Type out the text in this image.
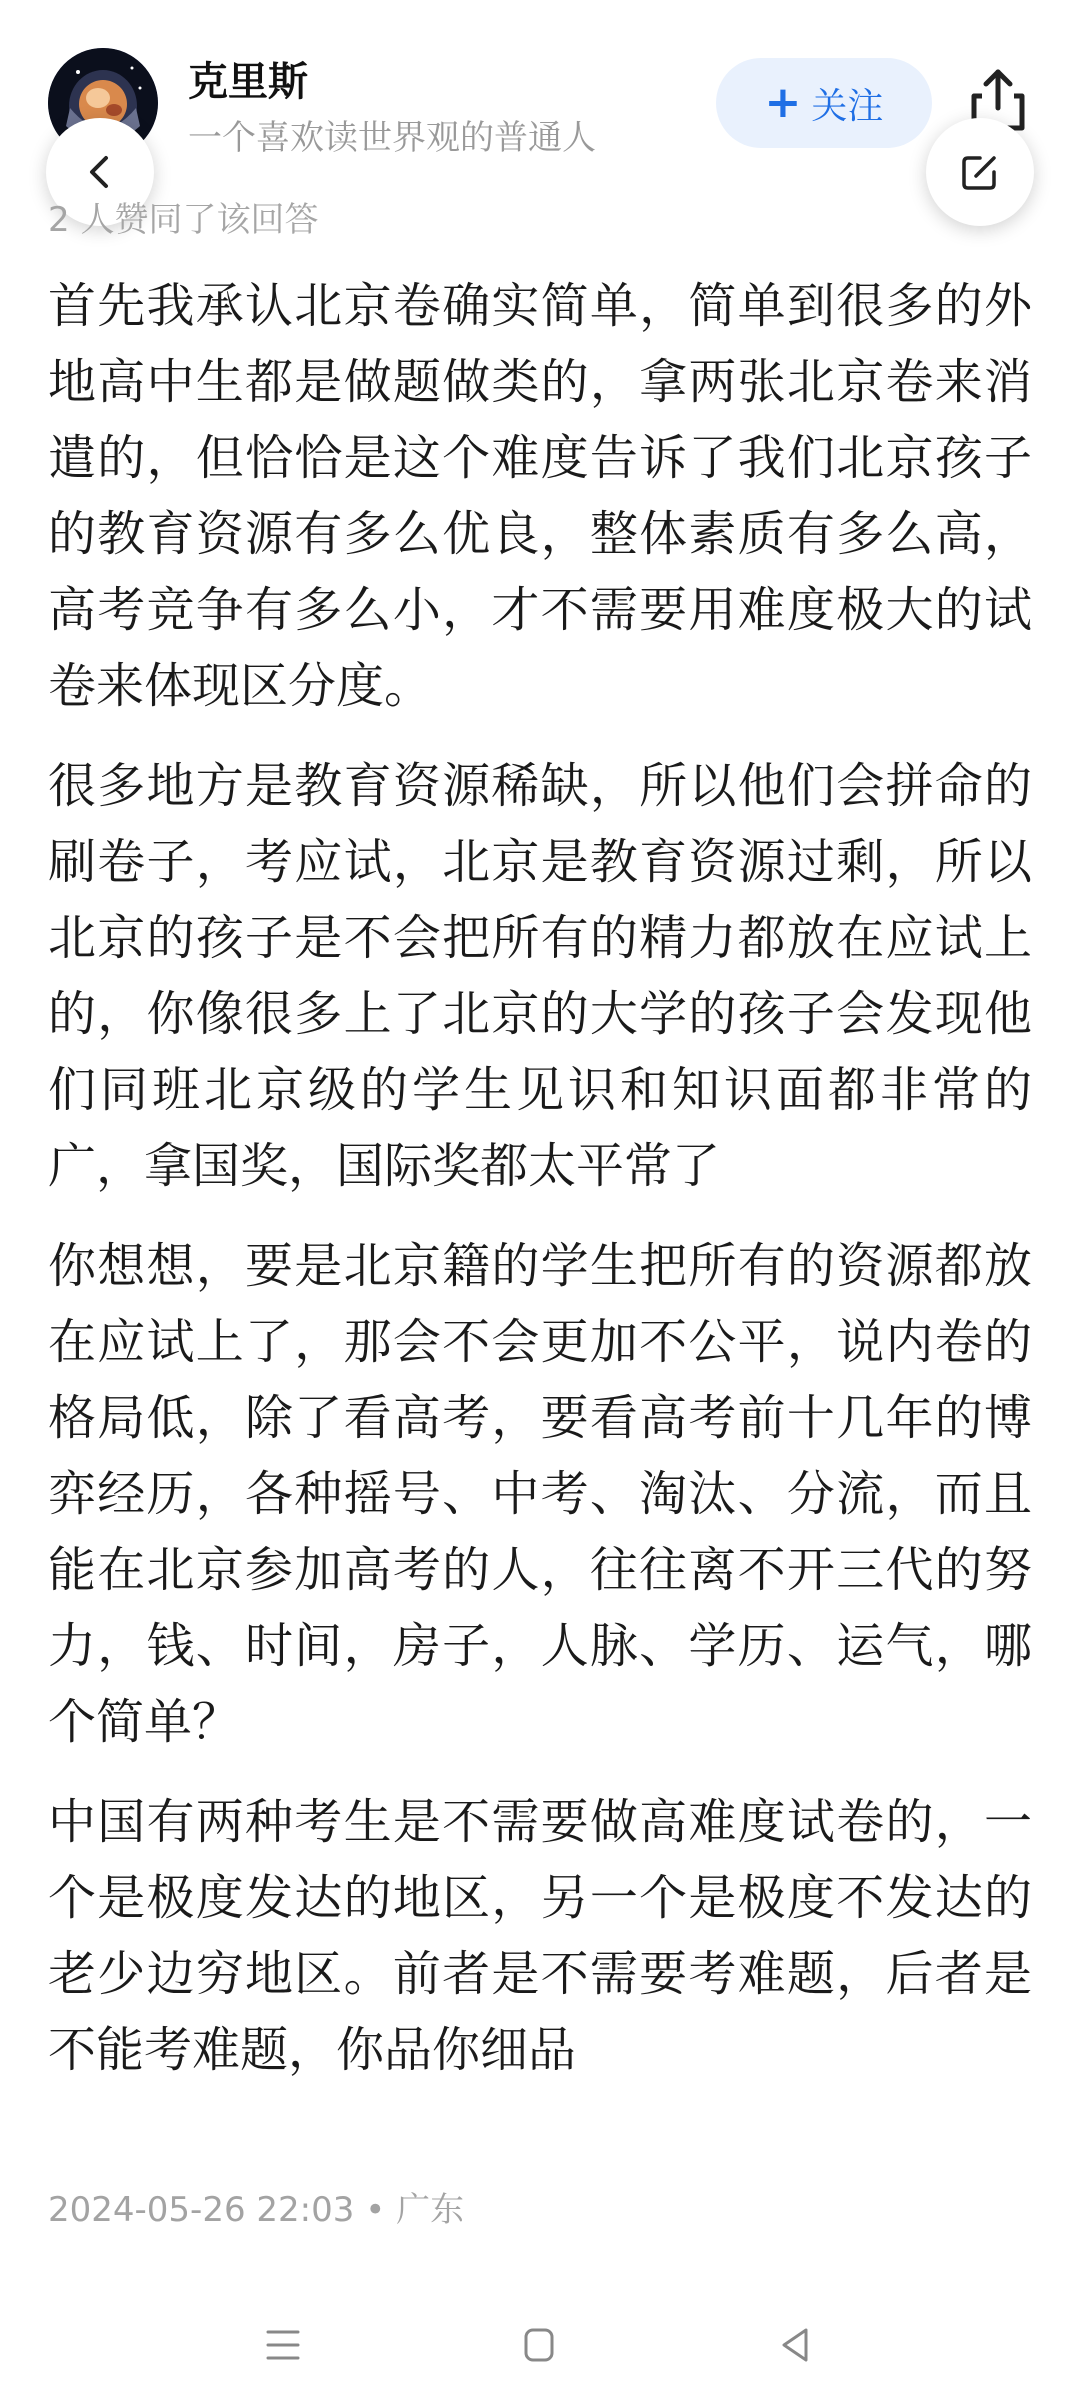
克里斯
一个喜欢读世界观的普通人
+ 关注
2 人赞同了该回答

首先我承认北京卷确实简单，简单到很多的外地高中生都是做题做类的，拿两张北京卷来消遣的，但恰恰是这个难度告诉了我们北京孩子的教育资源有多么优良，整体素质有多么高，高考竞争有多么小，才不需要用难度极大的试卷来体现区分度。

很多地方是教育资源稀缺，所以他们会拼命的刷卷子，考应试，北京是教育资源过剩，所以北京的孩子是不会把所有的精力都放在应试上的，你像很多上了北京的大学的孩子会发现他们同班北京级的学生见识和知识面都非常的广，拿国奖，国际奖都太平常了

你想想，要是北京籍的学生把所有的资源都放在应试上了，那会不会更加不公平，说内卷的格局低，除了看高考，要看高考前十几年的博弈经历，各种摇号、中考、淘汰、分流，而且能在北京参加高考的人，往往离不开三代的努力，钱、时间，房子，人脉、学历、运气，哪个简单？

中国有两种考生是不需要做高难度试卷的，一个是极度发达的地区，另一个是极度不发达的老少边穷地区。前者是不需要考难题，后者是不能考难题，你品你细品

2024-05-26 22:03 • 广东
